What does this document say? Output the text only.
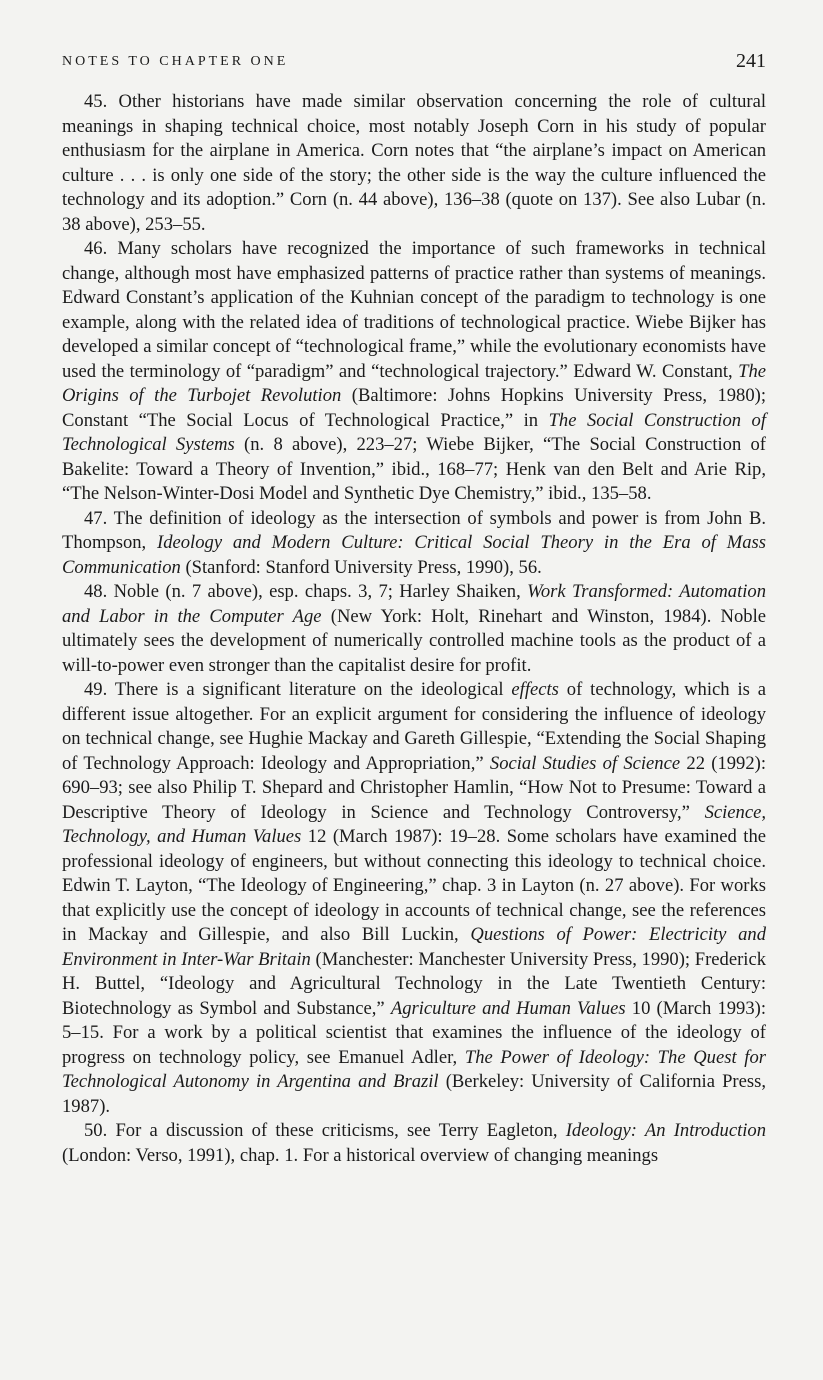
NOTES TO CHAPTER ONE	241

45. Other historians have made similar observation concerning the role of cultural meanings in shaping technical choice, most notably Joseph Corn in his study of popular enthusiasm for the airplane in America. Corn notes that “the airplane’s impact on American culture . . . is only one side of the story; the other side is the way the culture influenced the technology and its adoption.” Corn (n. 44 above), 136–38 (quote on 137). See also Lubar (n. 38 above), 253–55.

46. Many scholars have recognized the importance of such frameworks in technical change, although most have emphasized patterns of practice rather than systems of meanings. Edward Constant’s application of the Kuhnian concept of the paradigm to technology is one example, along with the related idea of traditions of technological practice. Wiebe Bijker has developed a similar concept of “technological frame,” while the evolutionary economists have used the terminology of “paradigm” and “technological trajectory.” Edward W. Constant, The Origins of the Turbojet Revolution (Baltimore: Johns Hopkins University Press, 1980); Constant “The Social Locus of Technological Practice,” in The Social Construction of Technological Systems (n. 8 above), 223–27; Wiebe Bijker, “The Social Construction of Bakelite: Toward a Theory of Invention,” ibid., 168–77; Henk van den Belt and Arie Rip, “The Nelson-Winter-Dosi Model and Synthetic Dye Chemistry,” ibid., 135–58.

47. The definition of ideology as the intersection of symbols and power is from John B. Thompson, Ideology and Modern Culture: Critical Social Theory in the Era of Mass Communication (Stanford: Stanford University Press, 1990), 56.

48. Noble (n. 7 above), esp. chaps. 3, 7; Harley Shaiken, Work Transformed: Automation and Labor in the Computer Age (New York: Holt, Rinehart and Winston, 1984). Noble ultimately sees the development of numerically controlled machine tools as the product of a will-to-power even stronger than the capitalist desire for profit.

49. There is a significant literature on the ideological effects of technology, which is a different issue altogether. For an explicit argument for considering the influence of ideology on technical change, see Hughie Mackay and Gareth Gillespie, “Extending the Social Shaping of Technology Approach: Ideology and Appropriation,” Social Studies of Science 22 (1992): 690–93; see also Philip T. Shepard and Christopher Hamlin, “How Not to Presume: Toward a Descriptive Theory of Ideology in Science and Technology Controversy,” Science, Technology, and Human Values 12 (March 1987): 19–28. Some scholars have examined the professional ideology of engineers, but without connecting this ideology to technical choice. Edwin T. Layton, “The Ideology of Engineering,” chap. 3 in Layton (n. 27 above). For works that explicitly use the concept of ideology in accounts of technical change, see the references in Mackay and Gillespie, and also Bill Luckin, Questions of Power: Electricity and Environment in Inter-War Britain (Manchester: Manchester University Press, 1990); Frederick H. Buttel, “Ideology and Agricultural Technology in the Late Twentieth Century: Biotechnology as Symbol and Substance,” Agriculture and Human Values 10 (March 1993): 5–15. For a work by a political scientist that examines the influence of the ideology of progress on technology policy, see Emanuel Adler, The Power of Ideology: The Quest for Technological Autonomy in Argentina and Brazil (Berkeley: University of California Press, 1987).

50. For a discussion of these criticisms, see Terry Eagleton, Ideology: An Introduction (London: Verso, 1991), chap. 1. For a historical overview of changing meanings
